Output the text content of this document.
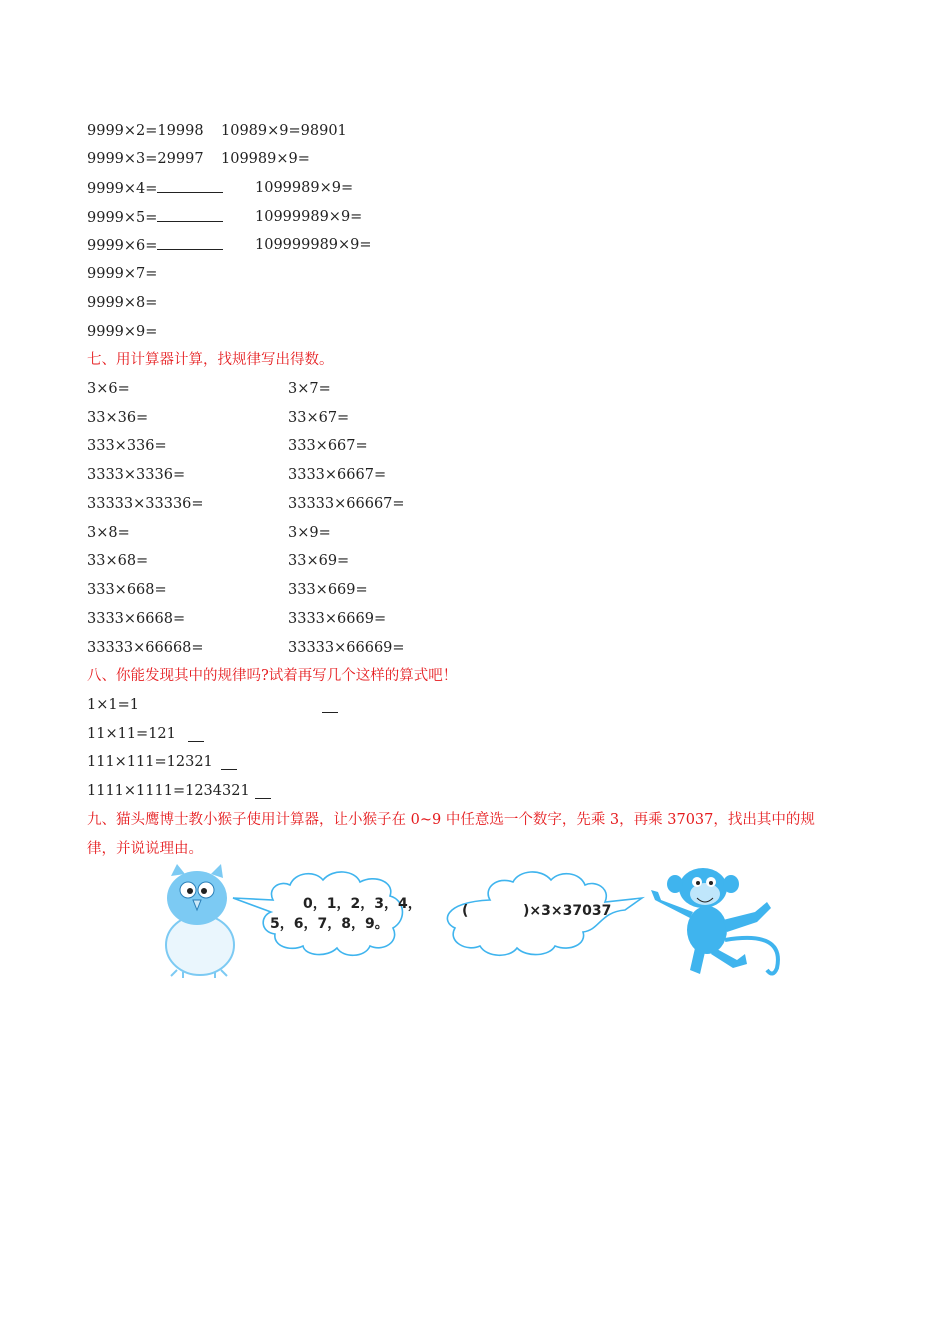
9999×2=19998
9999×3=29997
9999×4=
9999×5=
9999×6=
9999×7=
9999×8=
9999×9=
10989×9=98901
109989×9=
1099989×9=
10999989×9=
109999989×9=
七、用计算器计算，找规律写出得数。
3×6=
33×36=
333×336=
3333×3336=
33333×33336=
3×8=
33×68=
333×668=
3333×6668=
33333×66668=
3×7=
33×67=
333×667=
3333×6667=
33333×66667=
3×9=
33×69=
333×669=
3333×6669=
33333×66669=
八、你能发现其中的规律吗?试着再写几个这样的算式吧！
1×1=1
11×11=121
111×111=12321
1111×1111=1234321
九、猫头鹰博士教小猴子使用计算器，让小猴子在 0~9 中任意选一个数字，先乘 3，再乘 37037，找出其中的规
律，并说说理由。
0，1，2，3，4，
5，6，7，8，9。
(	)×3×37037
